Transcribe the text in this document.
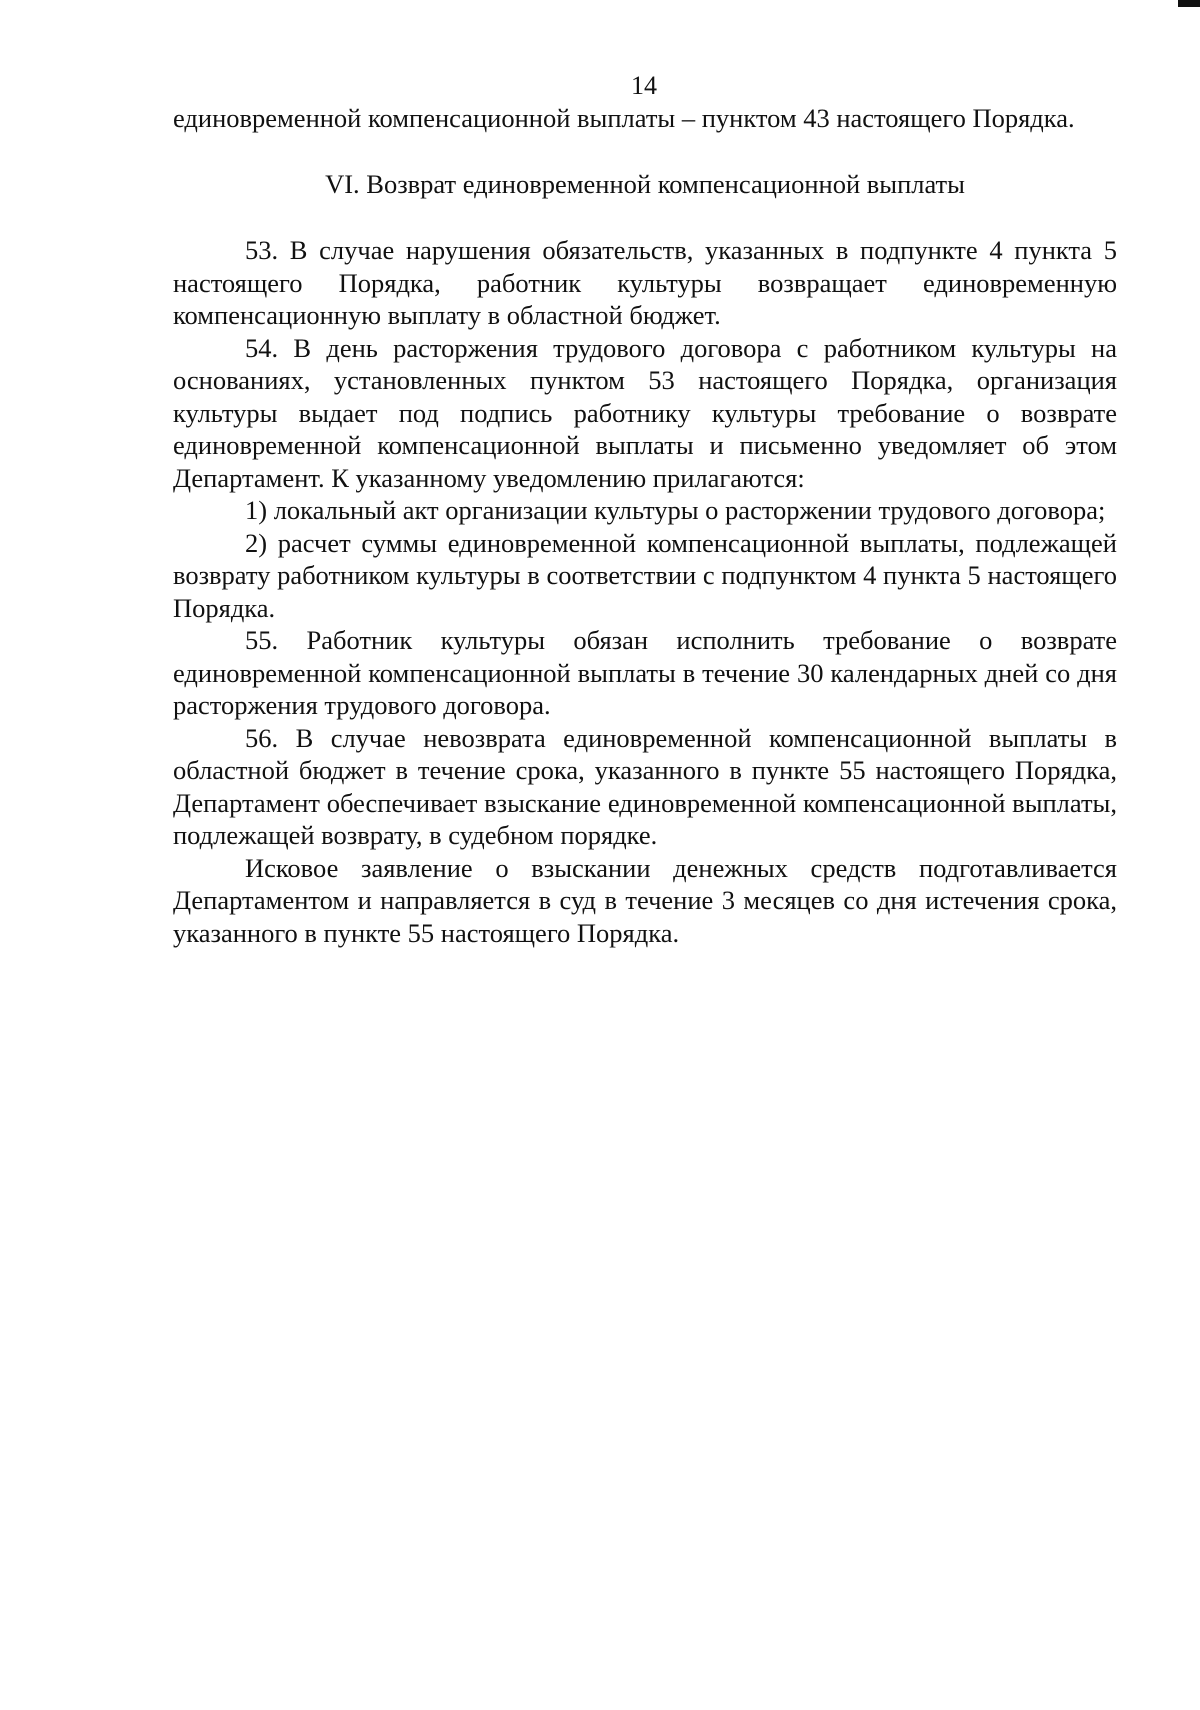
14

единовременной компенсационной выплаты – пунктом 43 настоящего Порядка.

VI. Возврат единовременной компенсационной выплаты

53. В случае нарушения обязательств, указанных в подпункте 4 пункта 5 настоящего Порядка, работник культуры возвращает единовременную компенсационную выплату в областной бюджет.

54. В день расторжения трудового договора с работником культуры на основаниях, установленных пунктом 53 настоящего Порядка, организация культуры выдает под подпись работнику культуры требование о возврате единовременной компенсационной выплаты и письменно уведомляет об этом Департамент. К указанному уведомлению прилагаются:

1) локальный акт организации культуры о расторжении трудового договора;

2) расчет суммы единовременной компенсационной выплаты, подлежащей возврату работником культуры в соответствии с подпунктом 4 пункта 5 настоящего Порядка.

55. Работник культуры обязан исполнить требование о возврате единовременной компенсационной выплаты в течение 30 календарных дней со дня расторжения трудового договора.

56. В случае невозврата единовременной компенсационной выплаты в областной бюджет в течение срока, указанного в пункте 55 настоящего Порядка, Департамент обеспечивает взыскание единовременной компенсационной выплаты, подлежащей возврату, в судебном порядке.

Исковое заявление о взыскании денежных средств подготавливается Департаментом и направляется в суд в течение 3 месяцев со дня истечения срока, указанного в пункте 55 настоящего Порядка.
